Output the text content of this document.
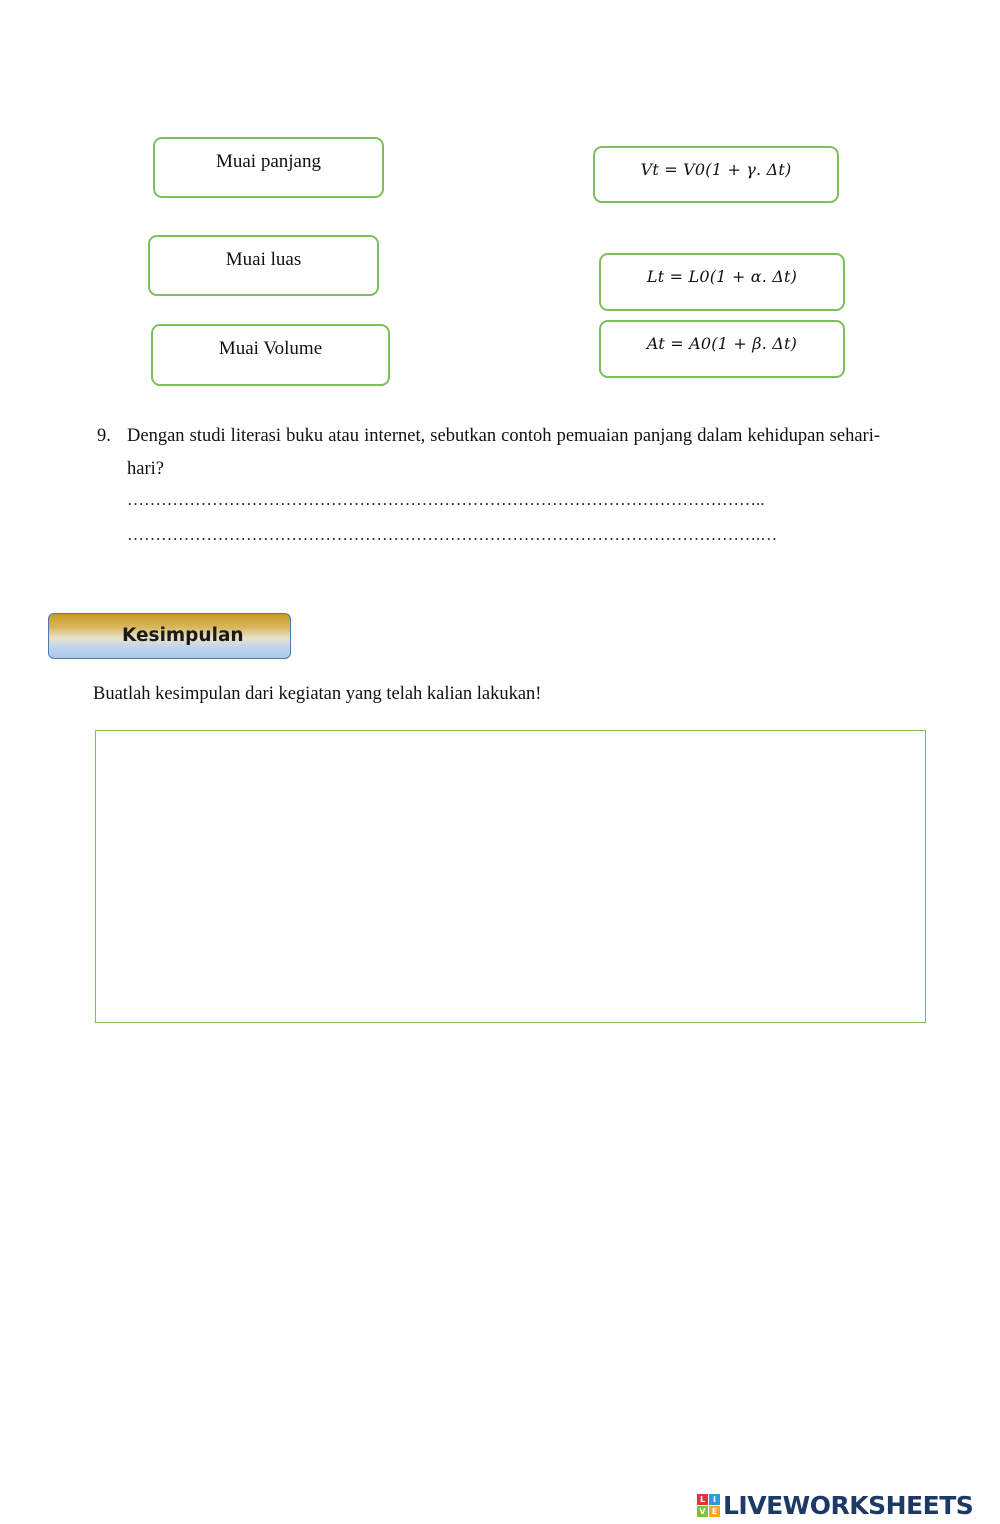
Muai panjang
Muai luas
Muai Volume
Vt = V0(1 + γ. Δt)
Lt = L0(1 + α. Δt)
At = A0(1 + β. Δt)
9. Dengan studi literasi buku atau internet, sebutkan contoh pemuaian panjang dalam kehidupan sehari-hari?
…………………………………………………………………………………………………..
………………………………………………………………………………………………….…
Kesimpulan
Buatlah kesimpulan dari kegiatan yang telah kalian lakukan!
L I
V E LIVEWORKSHEETS
